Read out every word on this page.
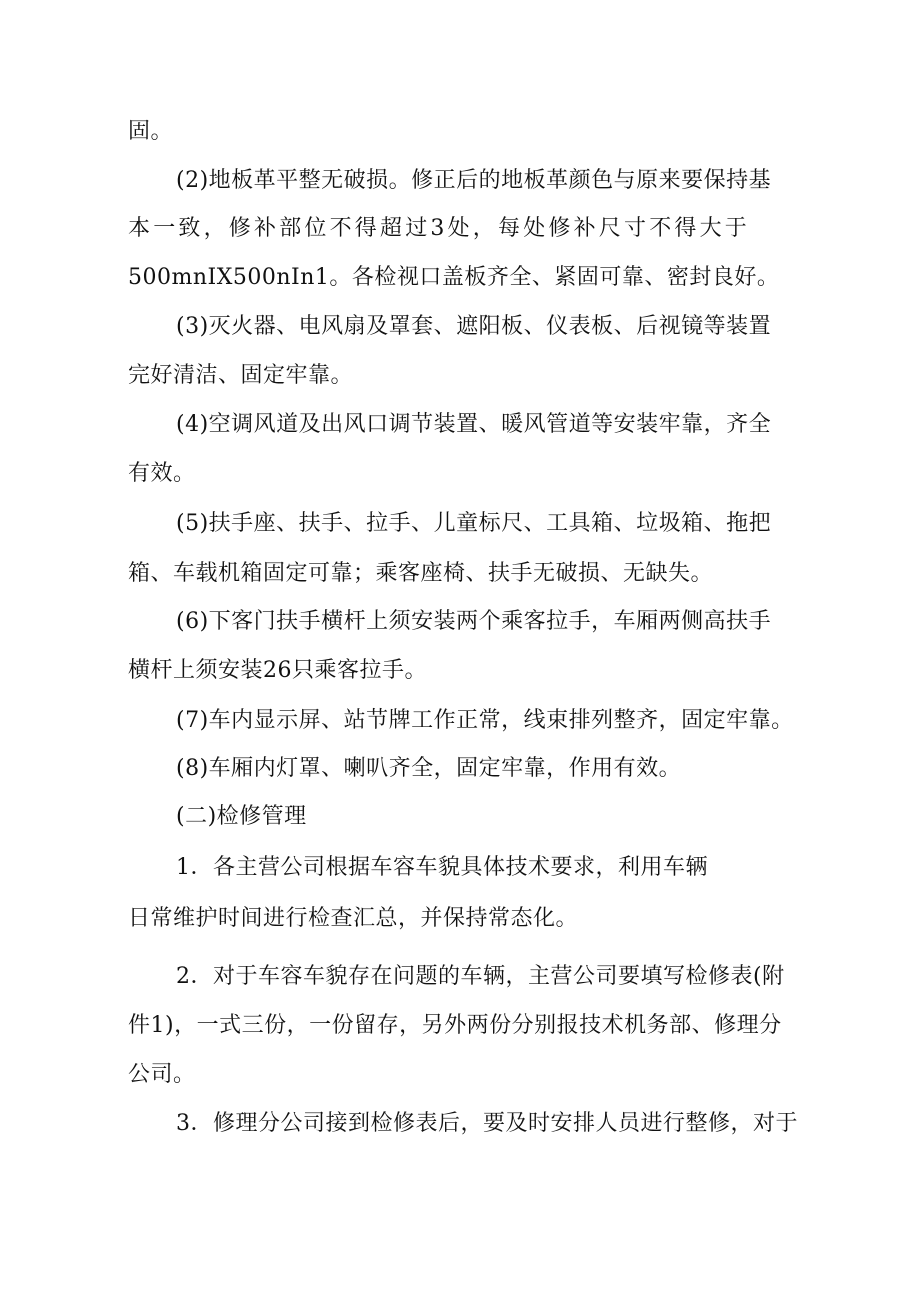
固。
(2)地板革平整无破损。修正后的地板革颜色与原来要保持基
本一致，修补部位不得超过3处，每处修补尺寸不得大于
500mnIX500nIn1。各检视口盖板齐全、紧固可靠、密封良好。
(3)灭火器、电风扇及罩套、遮阳板、仪表板、后视镜等装置
完好清洁、固定牢靠。
(4)空调风道及出风口调节装置、暖风管道等安装牢靠，齐全
有效。
(5)扶手座、扶手、拉手、儿童标尺、工具箱、垃圾箱、拖把
箱、车载机箱固定可靠；乘客座椅、扶手无破损、无缺失。
(6)下客门扶手横杆上须安装两个乘客拉手，车厢两侧高扶手
横杆上须安装26只乘客拉手。
(7)车内显示屏、站节牌工作正常，线束排列整齐，固定牢靠。
(8)车厢内灯罩、喇叭齐全，固定牢靠，作用有效。
(二)检修管理
1．各主营公司根据车容车貌具体技术要求，利用车辆
日常维护时间进行检查汇总，并保持常态化。
2．对于车容车貌存在问题的车辆，主营公司要填写检修表(附
件1)，一式三份，一份留存，另外两份分别报技术机务部、修理分
公司。
3．修理分公司接到检修表后，要及时安排人员进行整修，对于
